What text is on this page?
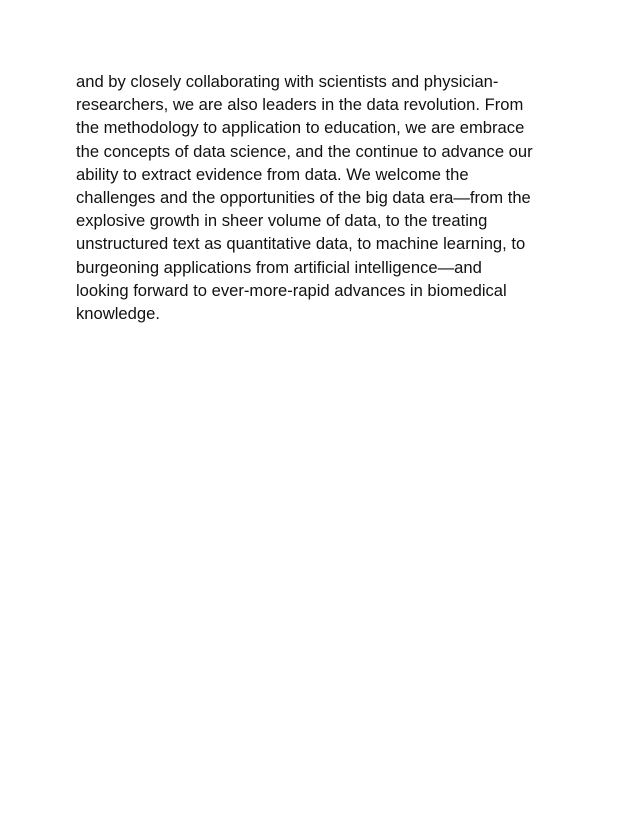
and by closely collaborating with scientists and physician-
researchers, we are also leaders in the data revolution. From
the methodology to application to education, we are embrace
the concepts of data science, and the continue to advance our
ability to extract evidence from data. We welcome the
challenges and the opportunities of the big data era—from the
explosive growth in sheer volume of data, to the treating
unstructured text as quantitative data, to machine learning, to
burgeoning applications from artificial intelligence—and
looking forward to ever-more-rapid advances in biomedical
knowledge.
